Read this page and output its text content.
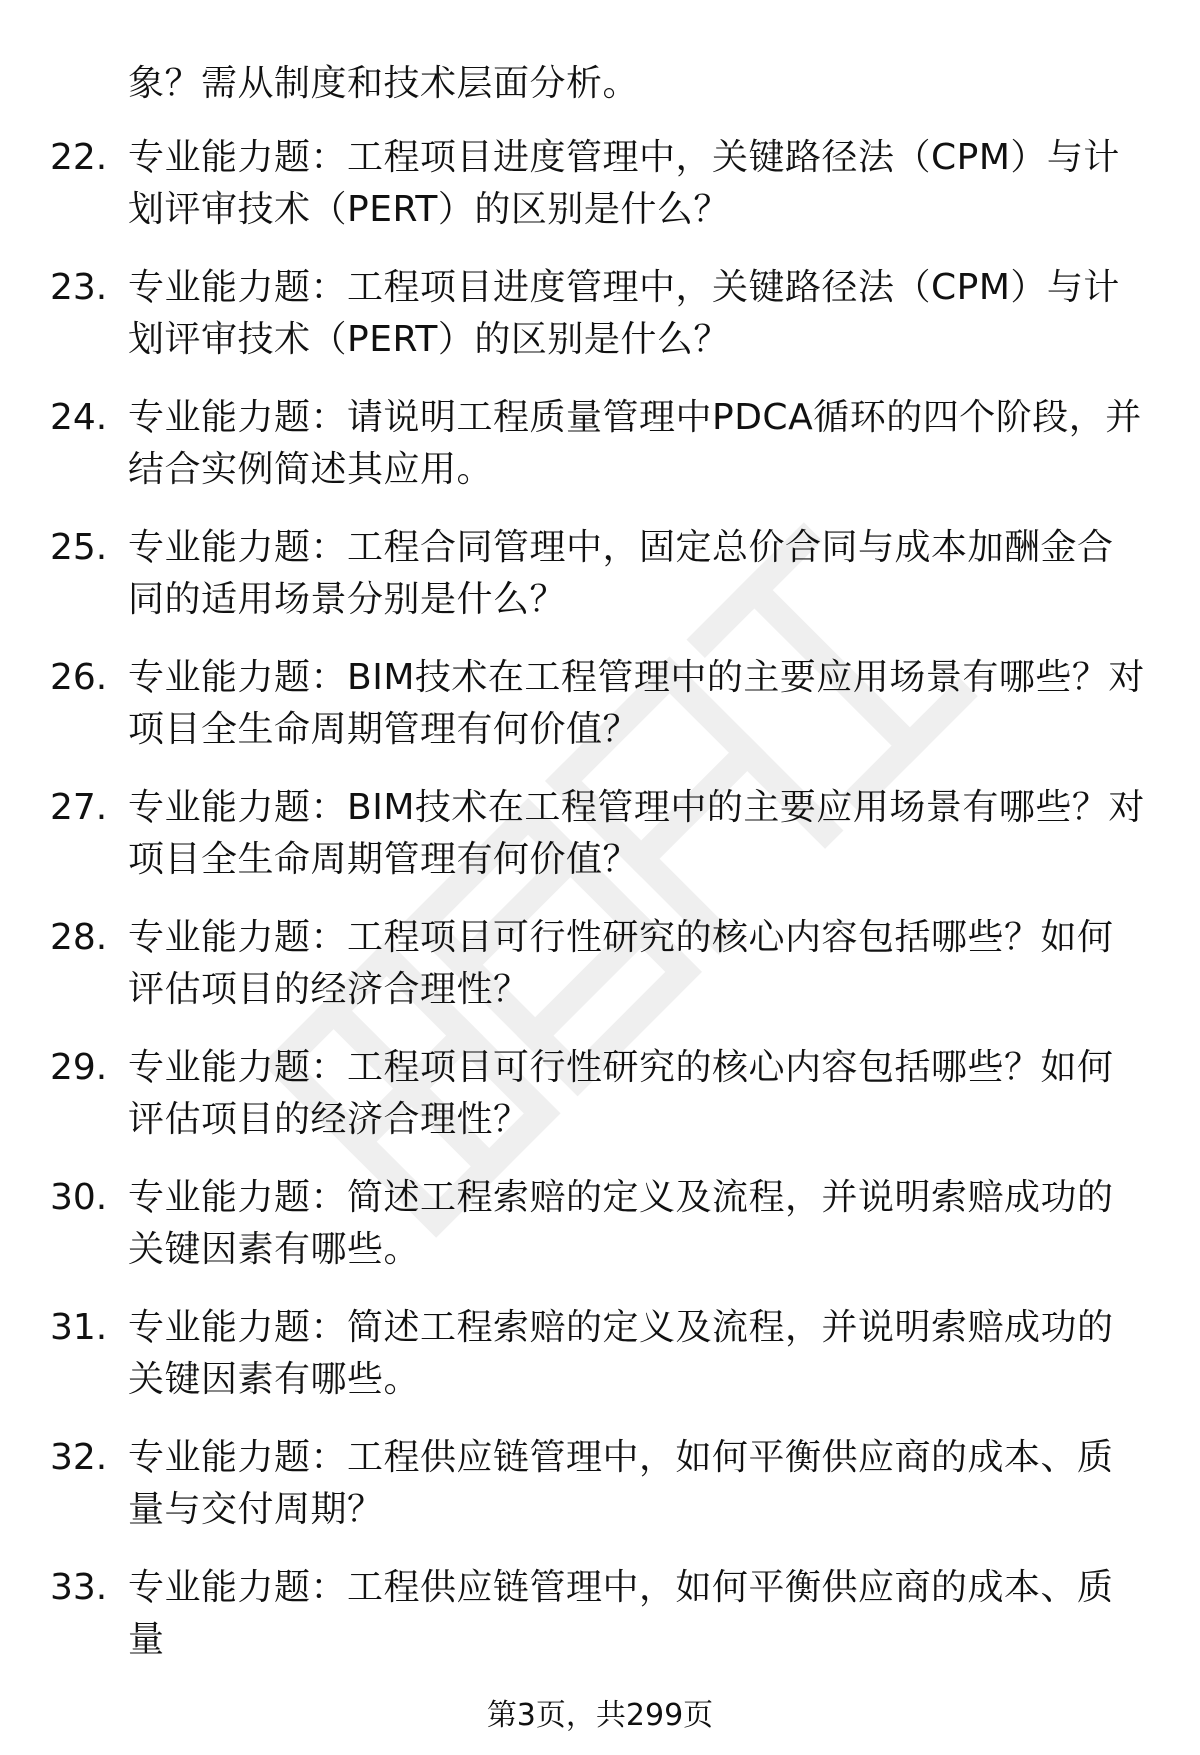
象？需从制度和技术层面分析。
22. 专业能力题：工程项目进度管理中，关键路径法（CPM）与计划评审技术（PERT）的区别是什么？
23. 专业能力题：工程项目进度管理中，关键路径法（CPM）与计划评审技术（PERT）的区别是什么？
24. 专业能力题：请说明工程质量管理中PDCA循环的四个阶段，并结合实例简述其应用。
25. 专业能力题：工程合同管理中，固定总价合同与成本加酬金合同的适用场景分别是什么？
26. 专业能力题：BIM技术在工程管理中的主要应用场景有哪些？对项目全生命周期管理有何价值？
27. 专业能力题：BIM技术在工程管理中的主要应用场景有哪些？对项目全生命周期管理有何价值？
28. 专业能力题：工程项目可行性研究的核心内容包括哪些？如何评估项目的经济合理性？
29. 专业能力题：工程项目可行性研究的核心内容包括哪些？如何评估项目的经济合理性？
30. 专业能力题：简述工程索赔的定义及流程，并说明索赔成功的关键因素有哪些。
31. 专业能力题：简述工程索赔的定义及流程，并说明索赔成功的关键因素有哪些。
32. 专业能力题：工程供应链管理中，如何平衡供应商的成本、质量与交付周期？
33. 专业能力题：工程供应链管理中，如何平衡供应商的成本、质量
第3页，共299页
